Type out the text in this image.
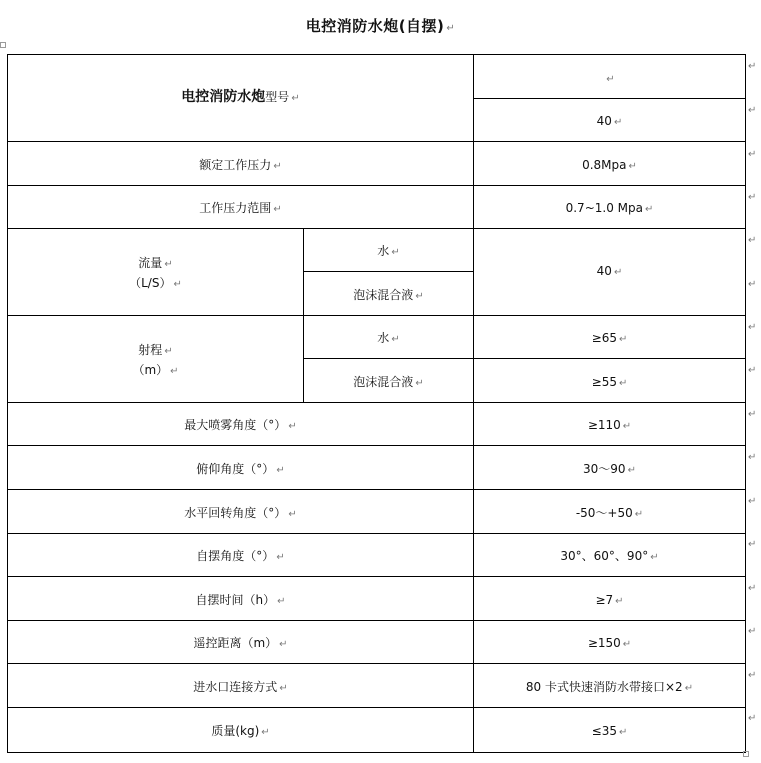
电控消防水炮(自摆) ↵
电控消防水炮型号 ↵		↵
		40 ↵
额定工作压力 ↵		0.8Mpa ↵
工作压力范围 ↵		0.7~1.0 Mpa ↵

流量 ↵
（L/S） ↵	水 ↵	40 ↵
	泡沫混合液 ↵	

射程 ↵
（m） ↵	水 ↵	≥65 ↵
	泡沫混合液 ↵	≥55 ↵
最大喷雾角度（°） ↵		≥110 ↵
俯仰角度（°） ↵		30〜90 ↵
水平回转角度（°） ↵		-50〜+50 ↵
自摆角度（°） ↵		30°、60°、90° ↵
自摆时间（h） ↵		≥7 ↵
遥控距离（m） ↵		≥150 ↵
进水口连接方式 ↵		80 卡式快速消防水带接口×2 ↵
质量(kg) ↵		≤35 ↵
↵
↵
↵
↵
↵
↵
↵
↵
↵
↵
↵
↵
↵
↵
↵
↵
